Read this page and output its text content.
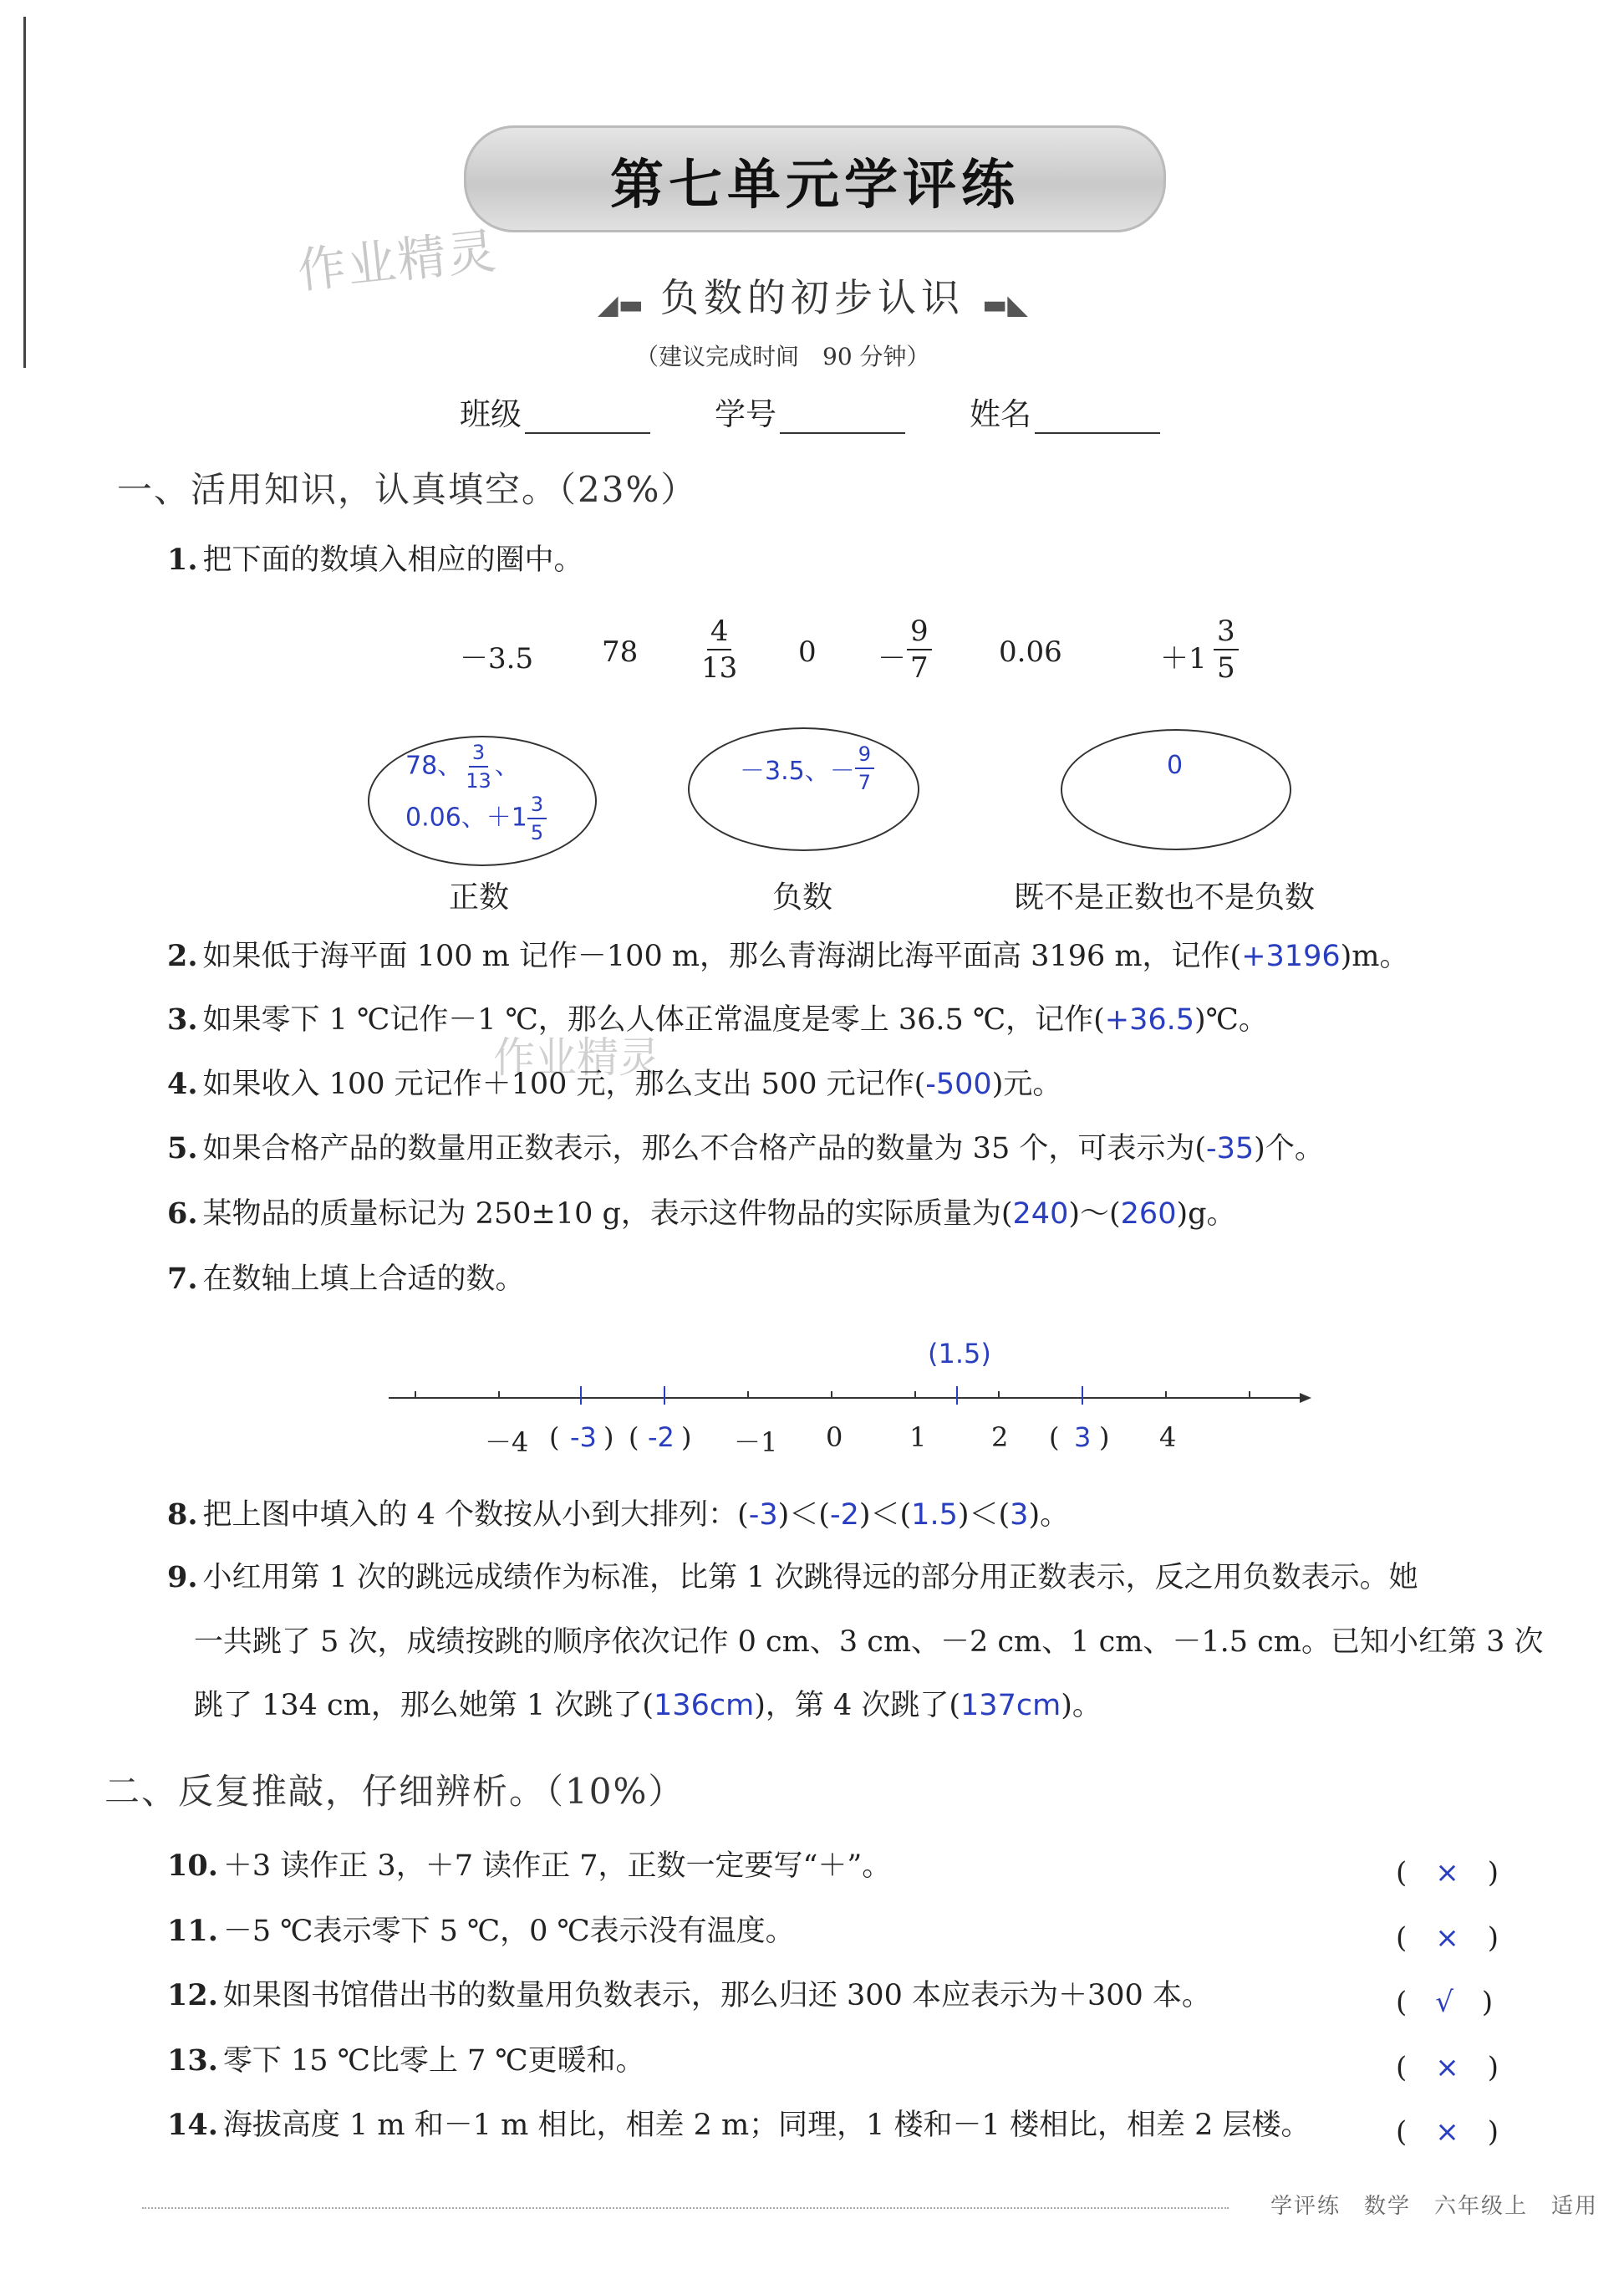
第七单元学评练
作业精灵
◢▬ 负数的初步认识 ▬◣
（建议完成时间　90 分钟）
班级	学号	姓名
一、活用知识，认真填空。（23%）
1. 把下面的数填入相应的圈中。
－3.5 $78 \frac{4}{13} 0 - \frac{9}{7} 0.06$	$+1 \frac{3}{5}$
78、 $\frac{3}{13}$ 、
0.06、$+1 \frac{3}{5}$
－3.5、－ $\frac{9}{7}$	0
正数	负数	既不是正数也不是负数
2. 如果低于海平面 100 m 记作－100 m，那么青海湖比海平面高 3196 m，记作(+3196)m。
3. 如果零下 1 ℃记作－1 ℃，那么人体正常温度是零上 36.5 ℃，记作(+36.5)℃。
作业精灵
4. 如果收入 100 元记作＋100 元，那么支出 500 元记作(-500)元。
5. 如果合格产品的数量用正数表示，那么不合格产品的数量为 35 个，可表示为(-35)个。
6. 某物品的质量标记为 250±10 g，表示这件物品的实际质量为(240)～(260)g。
7. 在数轴上填上合适的数。
(1.5)
－4 ( -3 ) ( -2 ) －1 0 1 2 ( 3 ) 4
8. 把上图中填入的 4 个数按从小到大排列：(-3)＜(-2)＜(1.5)＜(3)。
9. 小红用第 1 次的跳远成绩作为标准，比第 1 次跳得远的部分用正数表示，反之用负数表示。她
一共跳了 5 次，成绩按跳的顺序依次记作 0 cm、3 cm、－2 cm、1 cm、－1.5 cm。已知小红第 3 次
跳了 134 cm，那么她第 1 次跳了(136cm)，第 4 次跳了(137cm)。
二、反复推敲，仔细辨析。（10%）
10. ＋3 读作正 3，＋7 读作正 7，正数一定要写“＋”。	(　×　)
11. －5 ℃表示零下 5 ℃，0 ℃表示没有温度。	(　×　)
12. 如果图书馆借出书的数量用负数表示，那么归还 300 本应表示为＋300 本。	(　√　)
13. 零下 15 ℃比零上 7 ℃更暖和。	(　×　)
14. 海拔高度 1 m 和－1 m 相比，相差 2 m；同理，1 楼和－1 楼相比，相差 2 层楼。	(　×　)
学评练　数学　六年级上　适用
